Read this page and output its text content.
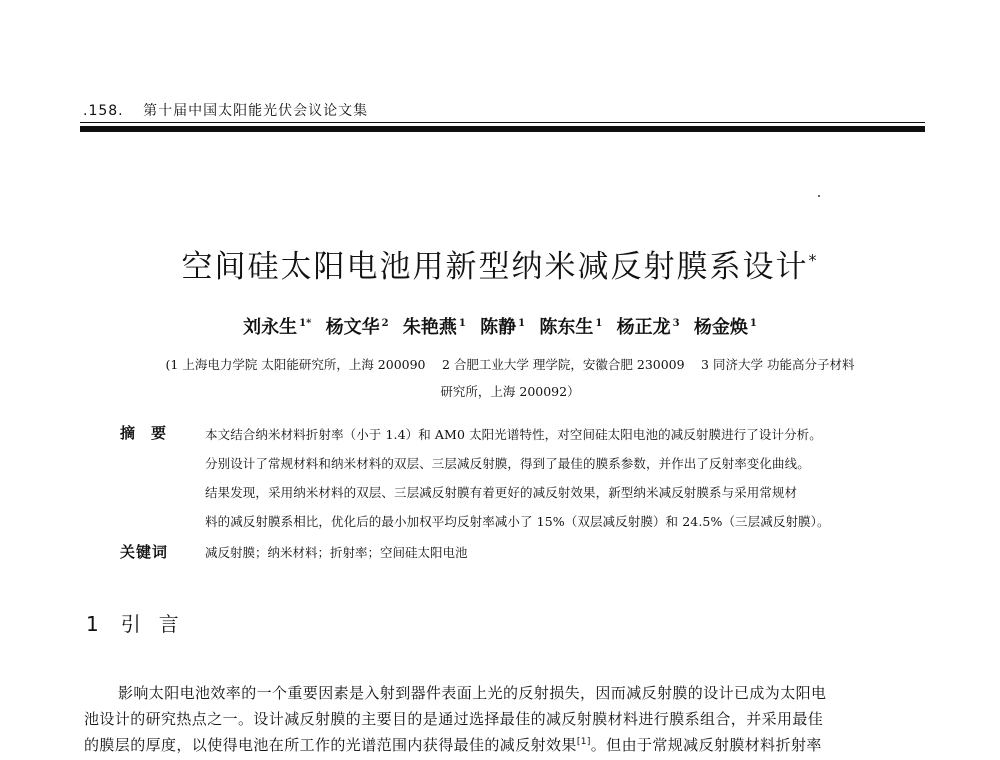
.158. 第十届中国太阳能光伏会议论文集
空间硅太阳电池用新型纳米减反射膜系设计*
刘永生 $^{1*}$ 杨文华 $^2$ 朱艳燕 $^1$ 陈静 $^1$ 陈东生 $^1$ 杨正龙 $^3$ 杨金焕 $^1$
(1 上海电力学院 太阳能研究所，上海 200090　 2 合肥工业大学 理学院，安徽合肥 230009　 3 同济大学 功能高分子材料
研究所，上海 200092）
摘要 本文结合纳米材料折射率（小于 1.4）和 AM0 太阳光谱特性，对空间硅太阳电池的减反射膜进行了设计分析。
分别设计了常规材料和纳米材料的双层、三层减反射膜，得到了最佳的膜系参数，并作出了反射率变化曲线。
结果发现，采用纳米材料的双层、三层减反射膜有着更好的减反射效果，新型纳米减反射膜系与采用常规材
料的减反射膜系相比，优化后的最小加权平均反射率减小了 15%（双层减反射膜）和 24.5%（三层减反射膜）。
关键词	减反射膜；纳米材料；折射率；空间硅太阳电池
1 引言
影响太阳电池效率的一个重要因素是入射到器件表面上光的反射损失，因而减反射膜的设计已成为太阳电
池设计的研究热点之一。设计减反射膜的主要目的是通过选择最佳的减反射膜材料进行膜系组合，并采用最佳
的膜层的厚度，以使得电池在所工作的光谱范围内获得最佳的减反射效果[1]。但由于常规减反射膜材料折射率
